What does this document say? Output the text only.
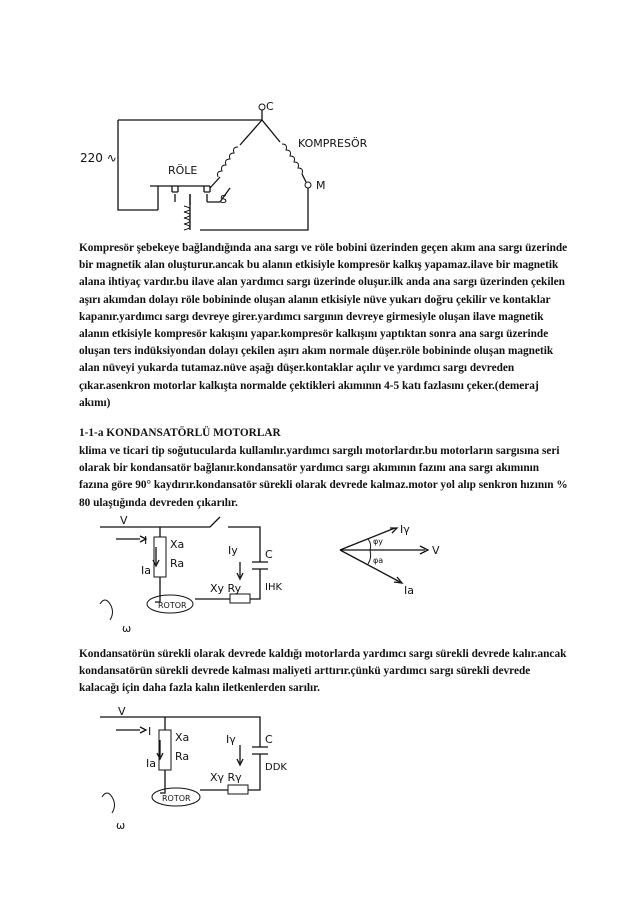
220 ∿
RÖLE
KOMPRESÖR
C
S
M

Kompresör şebekeye bağlandığında ana sargı ve röle bobini üzerinden geçen akım ana sargı üzerinde bir magnetik alan oluşturur.ancak bu alanın etkisiyle kompresör kalkış yapamaz.ilave bir magnetik alana ihtiyaç vardır.bu ilave alan yardımcı sargı üzerinde oluşur.ilk anda ana sargı üzerinden çekilen aşırı akımdan dolayı röle bobininde oluşan alanın etkisiyle nüve yukarı doğru çekilir ve kontaklar kapanır.yardımcı sargı devreye girer.yardımcı sargının devreye girmesiyle oluşan ilave magnetik alanın etkisiyle kompresör kakışını yapar.kompresör kalkışını yaptıktan sonra ana sargı üzerinde oluşan ters indüksiyondan dolayı çekilen aşırı akım normale düşer.röle bobininde oluşan magnetik alan nüveyi yukarda tutamaz.nüve aşağı düşer.kontaklar açılır ve yardımcı sargı devreden çıkar.asenkron motorlar kalkışta normalde çektikleri akımının 4-5 katı fazlasını çeker.(demeraj akımı)

1-1-a KONDANSATÖRLÜ MOTORLAR

klima ve ticari tip soğutucularda kullanılır.yardımcı sargılı motorlardır.bu motorların sargısına seri olarak bir kondansatör bağlanır.kondansatör yardımcı sargı akımının fazını ana sargı akımının fazına göre 90° kaydırır.kondansatör sürekli olarak devrede kalmaz.motor yol alıp senkron hızının % 80 ulaştığında devreden çıkarılır.

V
I
Ia
Xa
Ra
Iy C
IHK
Xy Ry
ROTOR
ω
Iγ
V
Ia
φy
φa

Kondansatörün sürekli olarak devrede kaldığı motorlarda yardımcı sargı sürekli devrede kalır.ancak kondansatörün sürekli devrede kalması maliyeti arttırır.çünkü yardımcı sargı sürekli devrede kalacağı için daha fazla kalın iletkenlerden sarılır.

V
I
Ia
Xa
Ra
Iγ	C
DDK
Xγ Rγ
ROTOR
ω
